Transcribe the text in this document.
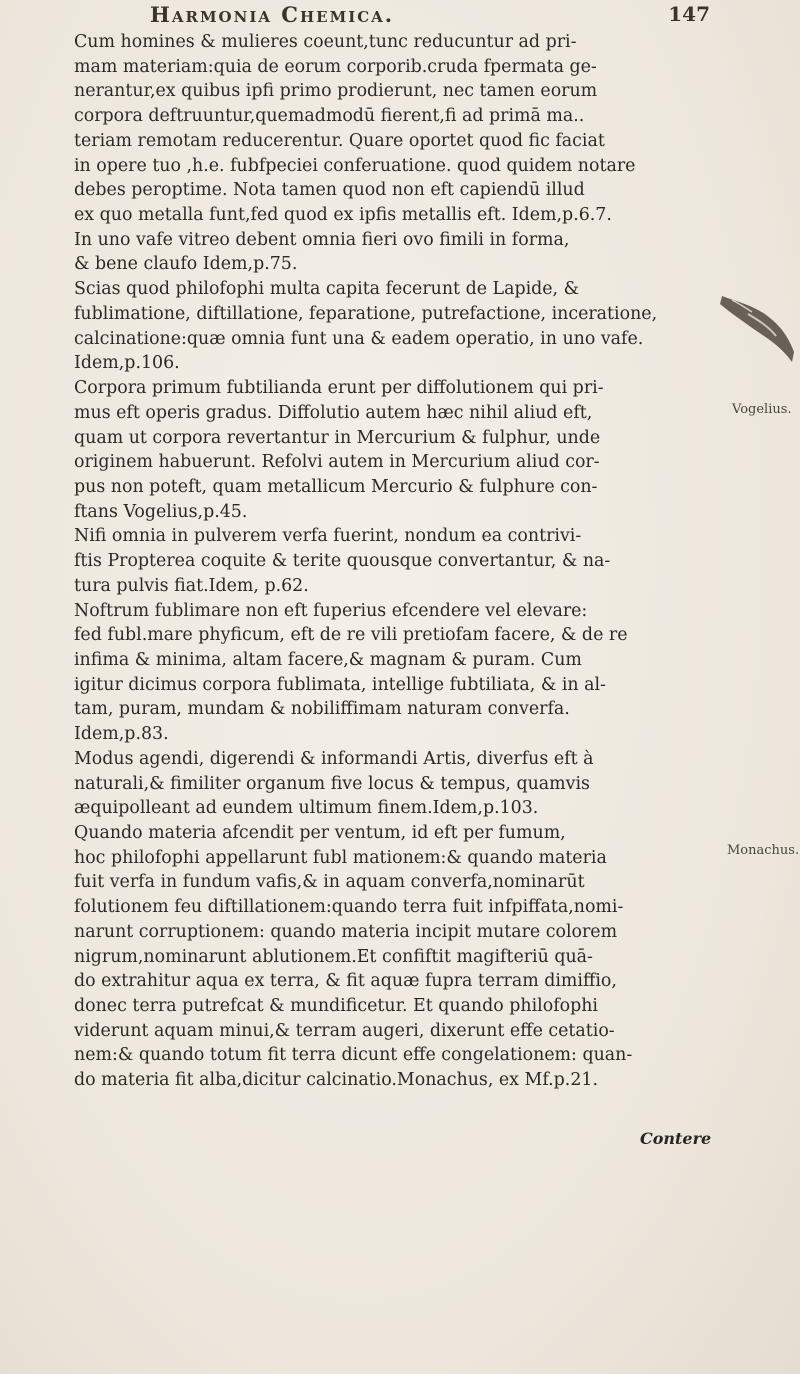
Harmonia Chemica.	147
Cum homines & mulieres coeunt,tunc reducuntur ad pri-
mam materiam:quia de eorum corporib.cruda fpermata ge-
nerantur,ex quibus ipfi primo prodierunt, nec tamen eorum
corpora deftruuntur,quemadmodū fierent,fi ad primā ma..
teriam remotam reducerentur. Quare oportet quod fic faciat
in opere tuo ,h.e. fubfpeciei conferuatione. quod quidem notare
debes peroptime. Nota tamen quod non eft capiendū illud
ex quo metalla funt,fed quod ex ipfis metallis eft. Idem,p.6.7.
In uno vafe vitreo debent omnia fieri ovo fimili in forma,
& bene claufo Idem,p.75.
Scias quod philofophi multa capita fecerunt de Lapide, &
fublimatione, diftillatione, feparatione, putrefactione, inceratione,
calcinatione:quæ omnia funt una & eadem operatio, in uno vafe.
Idem,p.106.
Corpora primum fubtilianda erunt per diffolutionem qui pri-
mus eft operis gradus. Diffolutio autem hæc nihil aliud eft,
quam ut corpora revertantur in Mercurium & fulphur, unde
originem habuerunt. Refolvi autem in Mercurium aliud cor-
pus non poteft, quam metallicum Mercurio & fulphure con-
ftans Vogelius,p.45.
Nifi omnia in pulverem verfa fuerint, nondum ea contrivi-
ftis Propterea coquite & terite quousque convertantur, & na-
tura pulvis fiat.Idem, p.62.
Noftrum fublimare non eft fuperius efcendere vel elevare:
fed fubl.mare phyficum, eft de re vili pretiofam facere, & de re
infima & minima, altam facere,& magnam & puram. Cum
igitur dicimus corpora fublimata, intellige fubtiliata, & in al-
tam, puram, mundam & nobiliffimam naturam converfa.
Idem,p.83.
Modus agendi, digerendi & informandi Artis, diverfus eft à
naturali,& fimiliter organum five locus & tempus, quamvis
æquipolleant ad eundem ultimum finem.Idem,p.103.
Quando materia afcendit per ventum, id eft per fumum,
hoc philofophi appellarunt fubl mationem:& quando materia
fuit verfa in fundum vafis,& in aquam converfa,nominarūt
folutionem feu diftillationem:quando terra fuit infpiffata,nomi-
narunt corruptionem: quando materia incipit mutare colorem
nigrum,nominarunt ablutionem.Et confiftit magifteriū quā-
do extrahitur aqua ex terra, & fit aquæ fupra terram dimiffio,
donec terra putrefcat & mundificetur. Et quando philofophi
viderunt aquam minui,& terram augeri, dixerunt effe cetatio-
nem:& quando totum fit terra dicunt effe congelationem: quan-
do materia fit alba,dicitur calcinatio.Monachus, ex Mf.p.21.
Vogelius.
Monachus.
Contere
